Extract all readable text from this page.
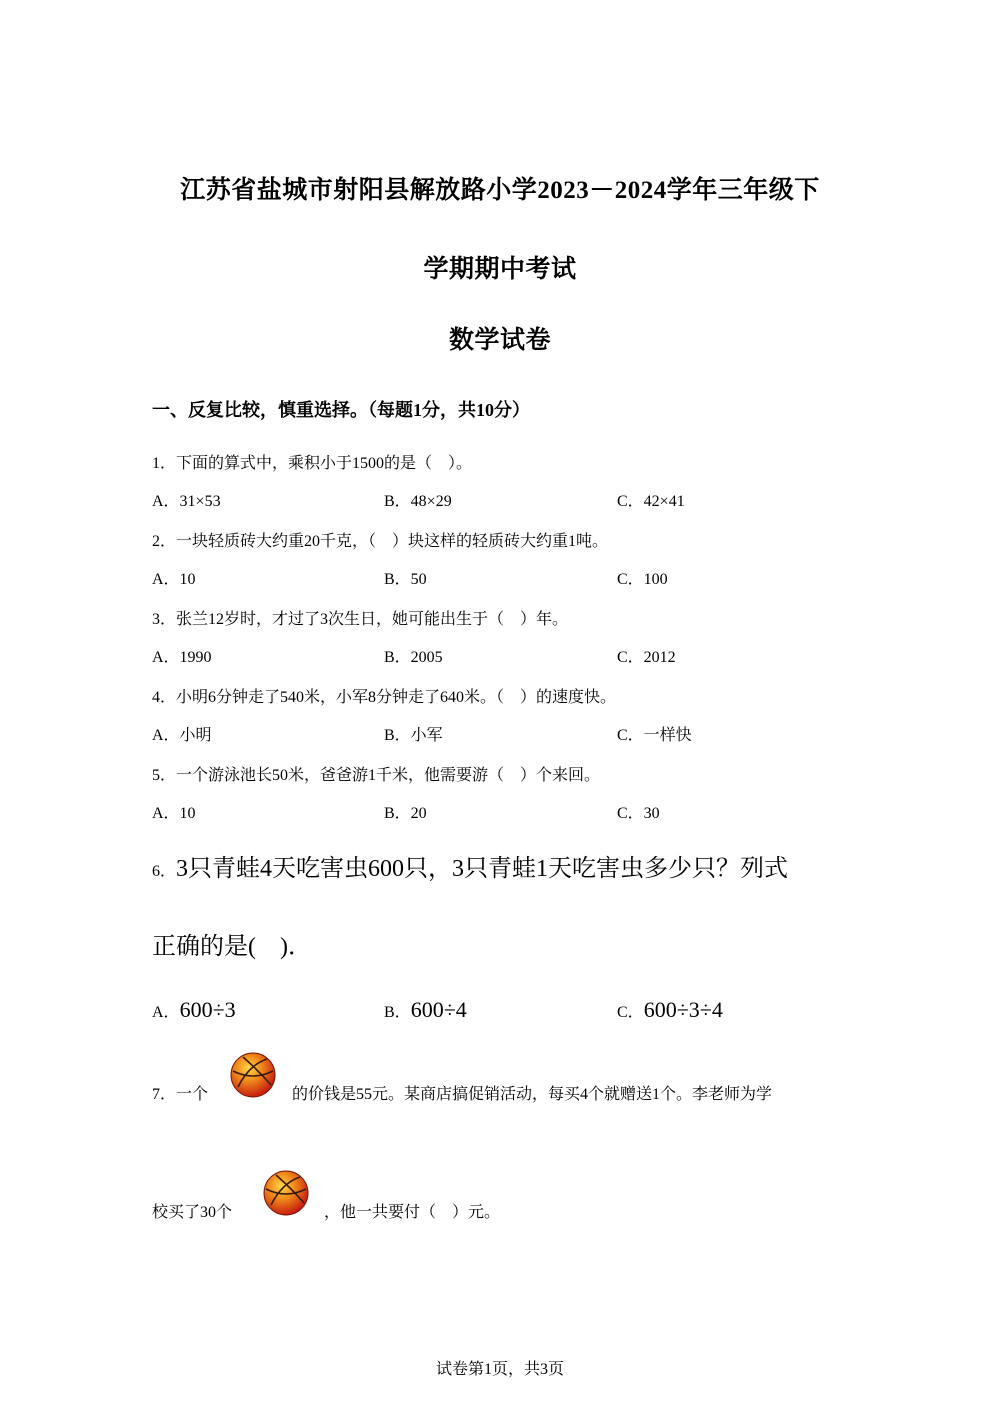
江苏省盐城市射阳县解放路小学2023－2024学年三年级下
学期期中考试
数学试卷
一、反复比较，慎重选择。（每题1分，共10分）
1．下面的算式中，乘积小于1500的是（　）。
A．31×53	B．48×29	C．42×41
2．一块轻质砖大约重20千克，（　）块这样的轻质砖大约重1吨。
A．10	B．50	C．100
3．张兰12岁时，才过了3次生日，她可能出生于（　）年。
A．1990	B．2005	C．2012
4．小明6分钟走了540米，小军8分钟走了640米。（　）的速度快。
A．小明	B．小军	C．一样快
5．一个游泳池长50米，爸爸游1千米，他需要游（　）个来回。
A．10	B．20	C．30
6．3只青蛙4天吃害虫600只，3只青蛙1天吃害虫多少只？列式
正确的是(　)．
A．600÷3	B．600÷4	C．600÷3÷4
7．一个	的价钱是55元。某商店搞促销活动，每买4个就赠送1个。李老师为学
校买了30个	，他一共要付（　）元。
试卷第1页，共3页
